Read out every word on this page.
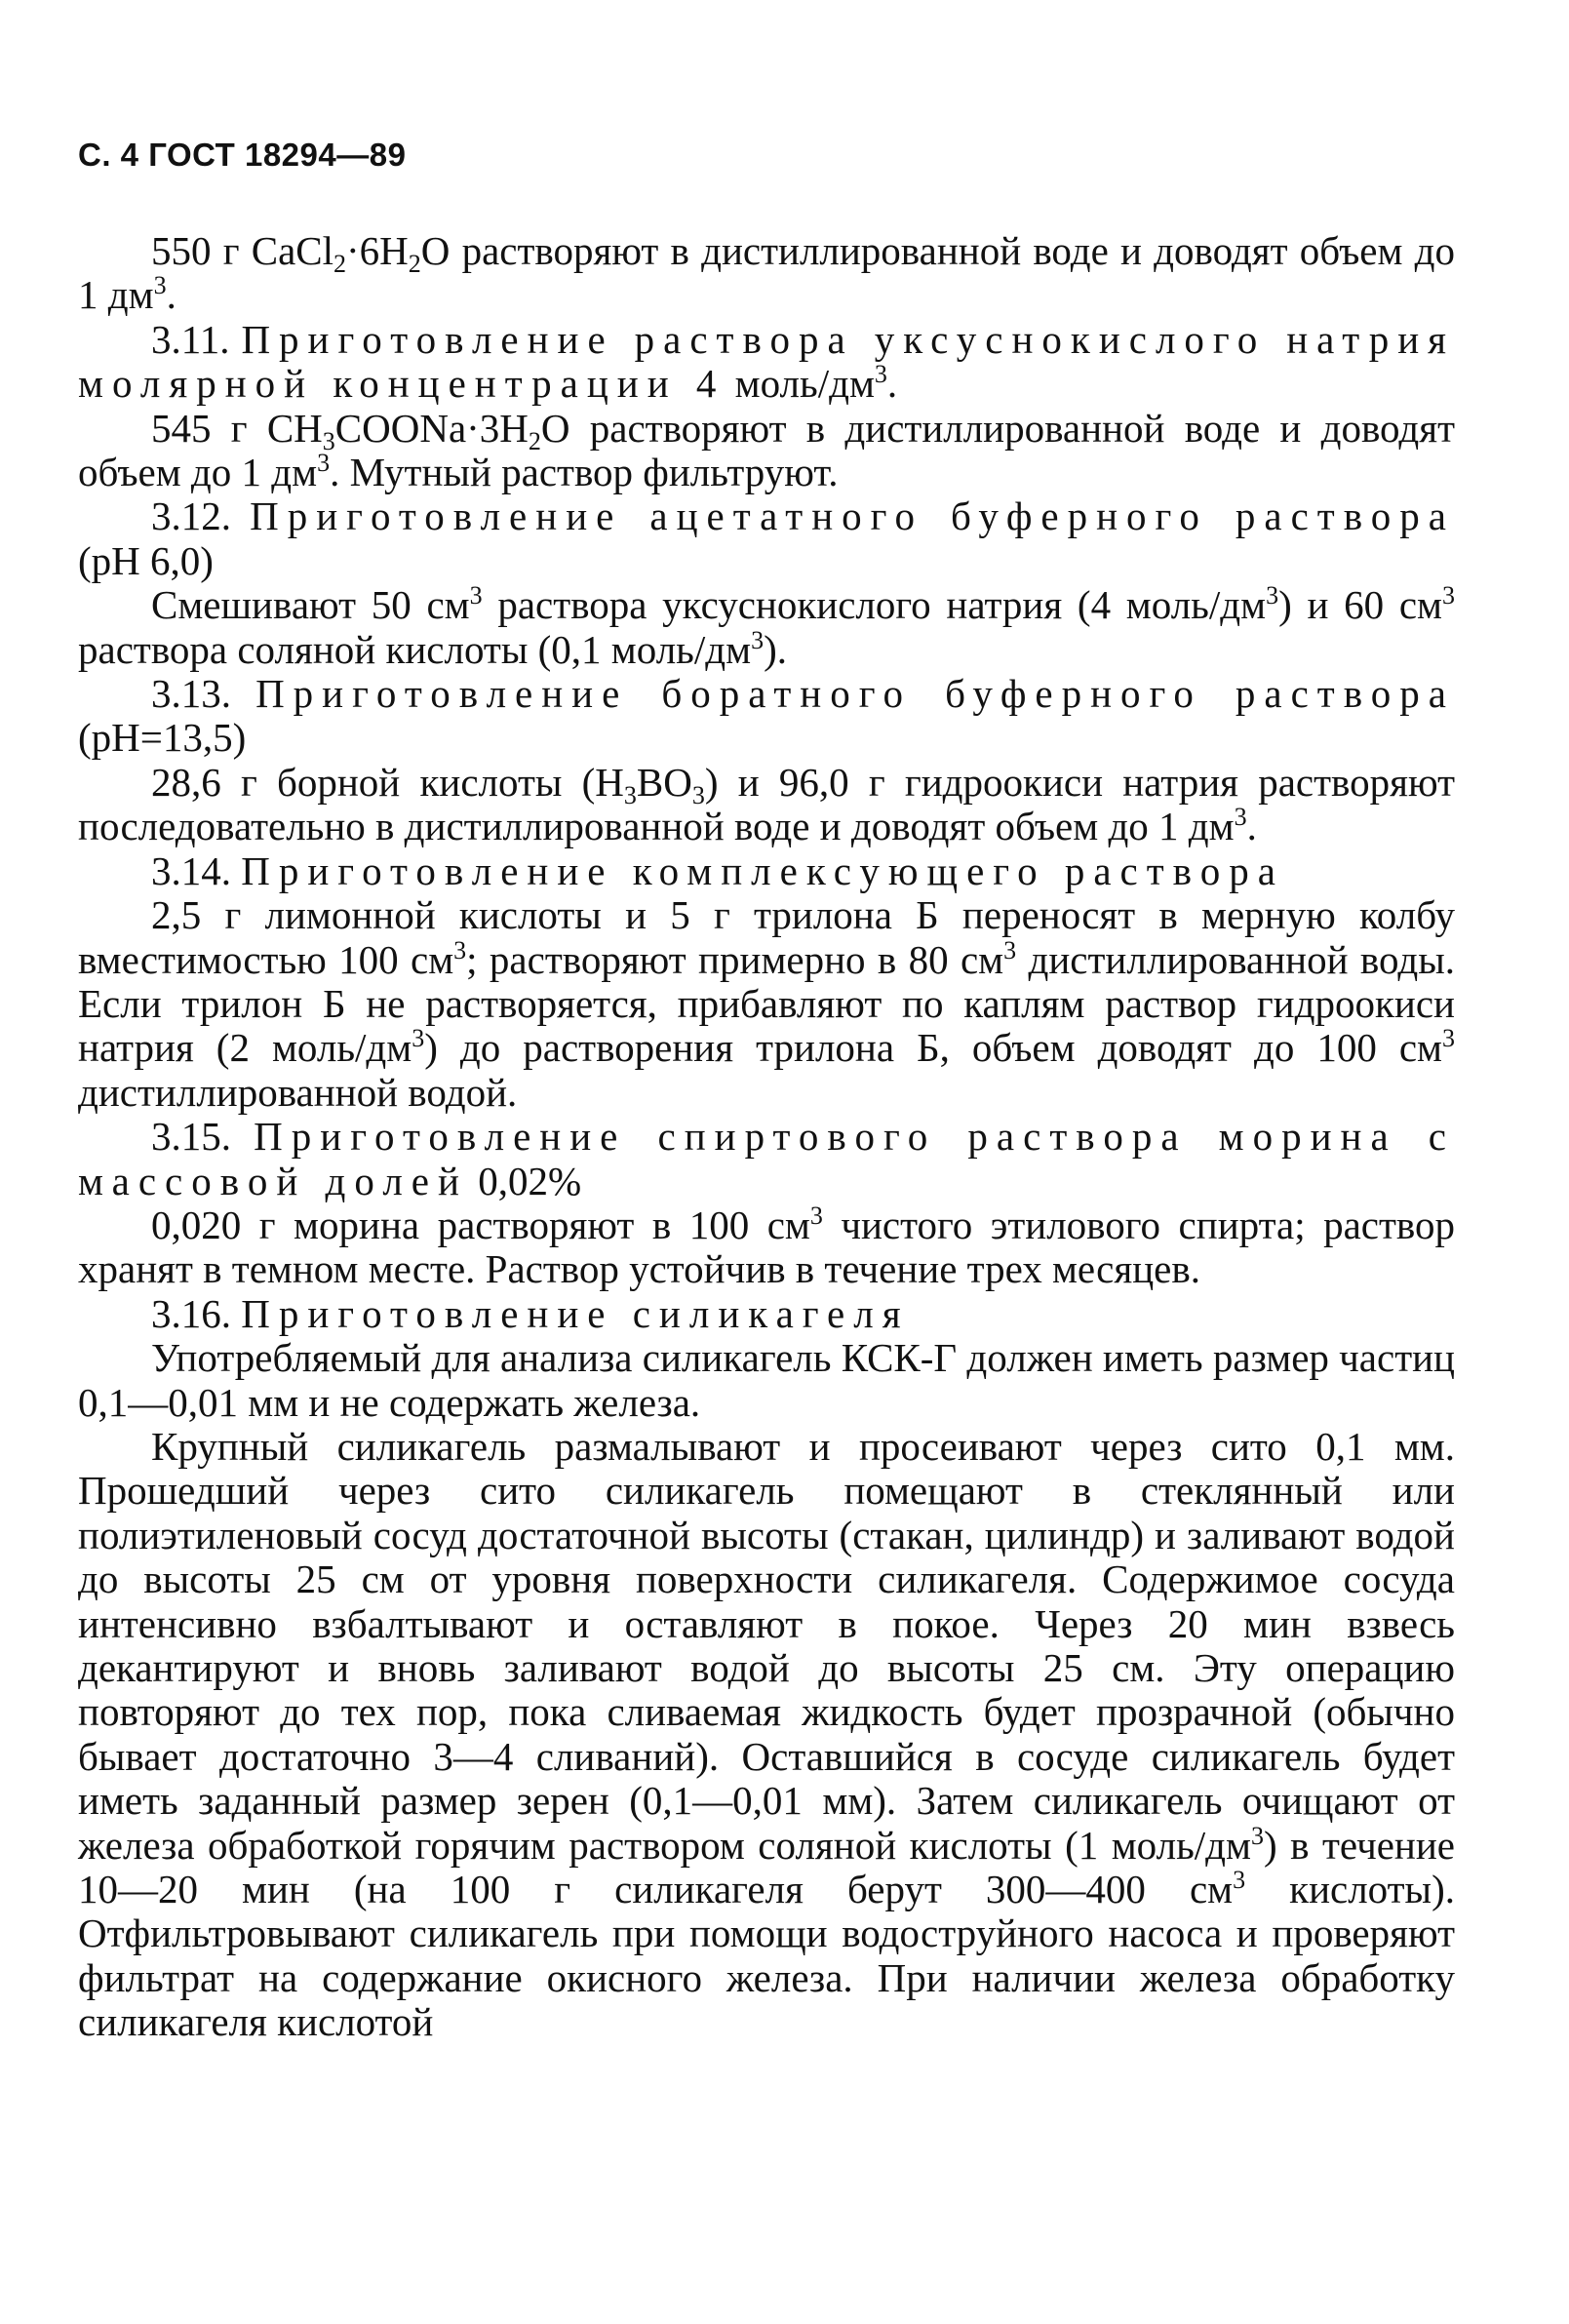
С. 4 ГОСТ 18294—89

550 г $CaCl_2\cdot 6H_2O$ растворяют в дистиллированной воде и доводят объем до 1 $дм^3$.

3.11. Приготовление раствора уксуснокислого натрия молярной концентрации 4 моль/$дм^3$.

545 г $CH_3COONa\cdot 3H_2O$ растворяют в дистиллированной воде и доводят объем до 1 $дм^3$. Мутный раствор фильтруют.

3.12. Приготовление ацетатного буферного раствора (pH 6,0)

Смешивают 50 $см^3$ раствора уксуснокислого натрия (4 моль/$дм^3$) и 60 $см^3$ раствора соляной кислоты (0,1 моль/$дм^3$).

3.13. Приготовление боратного буферного раствора (pH=13,5)

28,6 г борной кислоты $(H_3BO_3)$ и 96,0 г гидроокиси натрия растворяют последовательно в дистиллированной воде и доводят объем до 1 $дм^3$.

3.14. Приготовление комплексующего раствора

2,5 г лимонной кислоты и 5 г трилона Б переносят в мерную колбу вместимостью 100 $см^3$; растворяют примерно в 80 $см^3$ дистиллированной воды. Если трилон Б не растворяется, прибавляют по каплям раствор гидроокиси натрия (2 моль/$дм^3$) до растворения трилона Б, объем доводят до 100 $см^3$ дистиллированной водой.

3.15. Приготовление спиртового раствора морина с массовой долей 0,02%

0,020 г морина растворяют в 100 $см^3$ чистого этилового спирта; раствор хранят в темном месте. Раствор устойчив в течение трех месяцев.

3.16. Приготовление силикагеля

Употребляемый для анализа силикагель КСК-Г должен иметь размер частиц 0,1—0,01 мм и не содержать железа.

Крупный силикагель размалывают и просеивают через сито 0,1 мм. Прошедший через сито силикагель помещают в стеклянный или полиэтиленовый сосуд достаточной высоты (стакан, цилиндр) и заливают водой до высоты 25 см от уровня поверхности силикагеля. Содержимое сосуда интенсивно взбалтывают и оставляют в покое. Через 20 мин взвесь декантируют и вновь заливают водой до высоты 25 см. Эту операцию повторяют до тех пор, пока сливаемая жидкость будет прозрачной (обычно бывает достаточно 3—4 сливаний). Оставшийся в сосуде силикагель будет иметь заданный размер зерен (0,1—0,01 мм). Затем силикагель очищают от железа обработкой горячим раствором соляной кислоты (1 моль/$дм^3$) в течение 10—20 мин (на 100 г силикагеля берут 300—400 $см^3$ кислоты). Отфильтровывают силикагель при помощи водоструйного насоса и проверяют фильтрат на содержание окисного железа. При наличии железа обработку силикагеля кислотой
